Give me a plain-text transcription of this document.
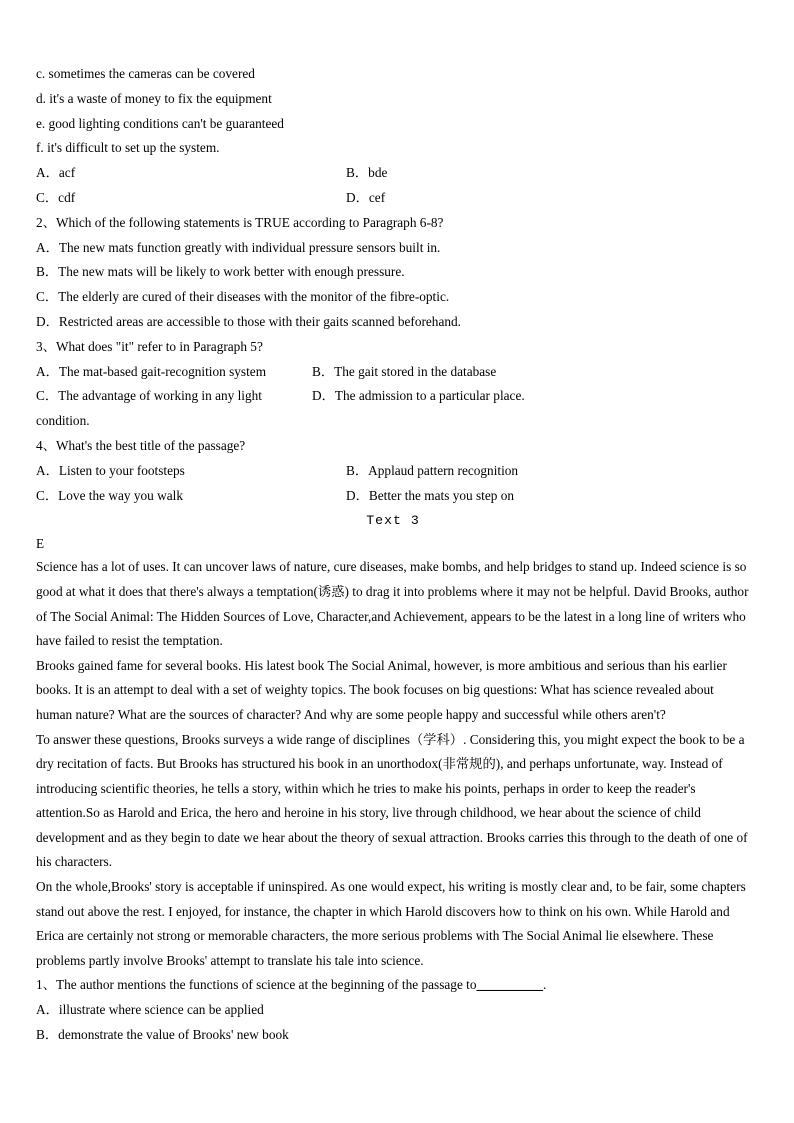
c. sometimes the cameras can be covered
d. it's a waste of money to fix the equipment
e. good lighting conditions can't be guaranteed
f. it's difficult to set up the system.
A．acf	B．bde
C．cdf	D．cef
2、Which of the following statements is TRUE according to Paragraph 6-8?
A．The new mats function greatly with individual pressure sensors built in.
B．The new mats will be likely to work better with enough pressure.
C．The elderly are cured of their diseases with the monitor of the fibre-optic.
D．Restricted areas are accessible to those with their gaits scanned beforehand.
3、What does "it" refer to in Paragraph 5?
A．The mat-based gait-recognition system	B．The gait stored in the database
C．The advantage of working in any light condition.
D．The admission to a particular place.
4、What's the best title of the passage?
A．Listen to your footsteps	B．Applaud pattern recognition
C．Love the way you walk	D．Better the mats you step on
Text 3
E

Science has a lot of uses. It can uncover laws of nature, cure diseases, make bombs, and help bridges to stand up. Indeed science is so good at what it does that there's always a temptation(诱惑) to drag it into problems where it may not be helpful. David Brooks, author of The Social Animal: The Hidden Sources of Love, Character,and Achievement, appears to be the latest in a long line of writers who have failed to resist the temptation.

Brooks gained fame for several books. His latest book The Social Animal, however, is more ambitious and serious than his earlier books. It is an attempt to deal with a set of weighty topics. The book focuses on big questions: What has science revealed about human nature? What are the sources of character? And why are some people happy and successful while others aren't?

To answer these questions, Brooks surveys a wide range of disciplines（学科）. Considering this, you might expect the book to be a dry recitation of facts. But Brooks has structured his book in an unorthodox(非常规的), and perhaps unfortunate, way. Instead of introducing scientific theories, he tells a story, within which he tries to make his points, perhaps in order to keep the reader's attention.So as Harold and Erica, the hero and heroine in his story, live through childhood, we hear about the science of child development and as they begin to date we hear about the theory of sexual attraction. Brooks carries this through to the death of one of his characters.

On the whole,Brooks' story is acceptable if uninspired. As one would expect, his writing is mostly clear and, to be fair, some chapters stand out above the rest. I enjoyed, for instance, the chapter in which Harold discovers how to think on his own. While Harold and Erica are certainly not strong or memorable characters, the more serious problems with The Social Animal lie elsewhere. These problems partly involve Brooks' attempt to translate his tale into science.

1、The author mentions the functions of science at the beginning of the passage to__________.
A．illustrate where science can be applied
B．demonstrate the value of Brooks' new book
